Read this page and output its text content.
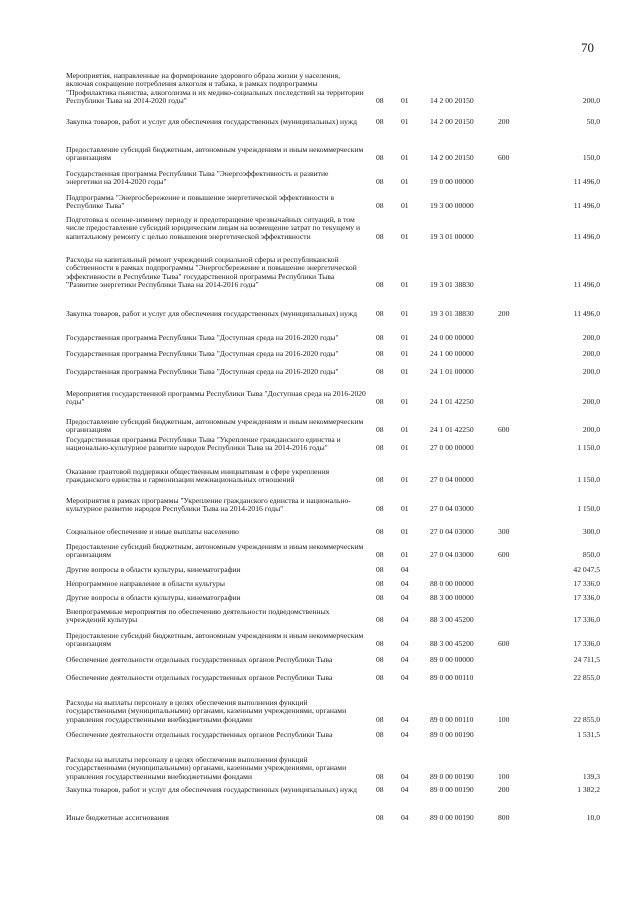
70
Мероприятия, направленные на формирование здорового образа жизни у населения, включая сокращение потребления алкоголя и табака, в рамках подпрограммы "Профилактика пьянства, алкоголизма и их медико-социальных последствий на территории Республики Тыва на 2014-2020 годы"	08 01	14 2 00 20150	200,0
Закупка товаров, работ и услуг для обеспечения государственных (муниципальных) нужд	08 01	14 2 00 20150	200	50,0
Предоставление субсидий бюджетным, автономным учреждениям и иным некоммерческим организациям	08 01	14 2 00 20150	600	150,0
Государственная программа Республики Тыва "Энергоэффективность и развитие энергетики на 2014-2020 годы"	08 01	19 0 00 00000	11 496,0
Подпрограмма "Энергосбережение и повышение энергетической эффективности в Республике Тыва"	08 01	19 3 00 00000	11 496,0
Подготовка к осенне-зимнему периоду и предотвращение чрезвычайных ситуаций, в том числе предоставление субсидий юридическим лицам на возмещение затрат по текущему и капитальному ремонту с целью повышения энергетической эффективности	08 01	19 3 01 00000	11 496,0
Расходы на капитальный ремонт учреждений социальной сферы и республиканской собственности в рамках подпрограммы "Энергосбережение и повышение энергетической эффективности в Республике Тыва" государственной программы Республики Тыва "Развитие энергетики Республики Тыва на 2014-2016 годы"	08 01	19 3 01 38830	11 496,0
Закупка товаров, работ и услуг для обеспечения государственных (муниципальных) нужд	08 01	19 3 01 38830	200	11 496,0
Государственная программа Республики Тыва "Доступная среда на 2016-2020 годы"	08 01	24 0 00 00000	200,0
Государственная программа Республики Тыва "Доступная среда на 2016-2020 годы"	08 01	24 1 00 00000	200,0
Государственная программа Республики Тыва "Доступная среда на 2016-2020 годы"	08 01	24 1 01 00000	200,0
Мероприятия государственной программы Республики Тыва "Доступная среда на 2016-2020 годы"	08 01	24 1 01 42250	200,0
Предоставление субсидий бюджетным, автономным учреждениям и иным некоммерческим организациям	08 01	24 1 01 42250	600	200,0
Государственная программа Республики Тыва "Укрепление гражданского единства и национально-культурное развитие народов Республики Тыва на 2014-2016 годы"	08 01	27 0 00 00000	1 150,0
Оказание грантовой поддержки общественным инициативам в сфере укрепления гражданского единства и гармонизации межнациональных отношений	08 01	27 0 04 00000	1 150,0
Мероприятия в рамках программы "Укрепление гражданского единства и национально-культурное развитие народов Республики Тыва на 2014-2016 годы"	08 01	27 0 04 03000	1 150,0
Социальное обеспечение и иные выплаты населению	08 01	27 0 04 03000	300	300,0
Предоставление субсидий бюджетным, автономным учреждениям и иным некоммерческим организациям	08 01	27 0 04 03000	600	850,0
Другие вопросы в области культуры, кинематографии	08 04	42 047,5
Непрограммное направление в области культуры	08 04	88 0 00 00000	17 336,0
Другие вопросы в области культуры, кинематографии	08 04	88 3 00 00000	17 336,0
Внепрограммные мероприятия по обеспечению деятельности подведомственных учреждений культуры	08 04	88 3 00 45200	17 336,0
Предоставление субсидий бюджетным, автономным учреждениям и иным некоммерческим организациям	08 04	88 3 00 45200	600	17 336,0
Обеспечение деятельности отдельных государственных органов Республики Тыва	08 04	89 0 00 00000	24 711,5
Обеспечение деятельности отдельных государственных органов Республики Тыва	08 04	89 0 00 00110	22 855,0
Расходы на выплаты персоналу в целях обеспечения выполнения функций государственными (муниципальными) органами, казенными учреждениями, органами управления государственными внебюджетными фондами	08 04	89 0 00 00110	100	22 855,0
Обеспечение деятельности отдельных государственных органов Республики Тыва	08 04	89 0 00 00190	1 531,5
Расходы на выплаты персоналу в целях обеспечения выполнения функций государственными (муниципальными) органами, казенными учреждениями, органами управления государственными внебюджетными фондами	08 04	89 0 00 00190	100	139,3
Закупка товаров, работ и услуг для обеспечения государственных (муниципальных) нужд	08 04	89 0 00 00190	200	1 382,2
Иные бюджетные ассигнования	08 04	89 0 00 00190	800	10,0
